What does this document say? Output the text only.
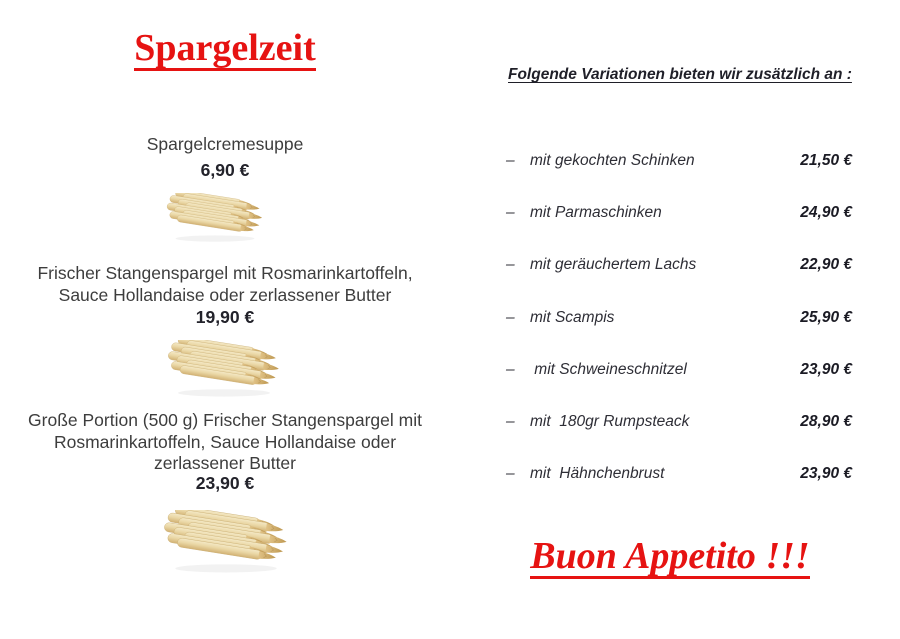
Spargelzeit
Spargelcremesuppe
6,90 €
Frischer Stangenspargel mit Rosmarinkartoffeln,
Sauce Hollandaise oder zerlassener Butter
19,90 €
Große Portion (500 g) Frischer Stangenspargel mit
Rosmarinkartoffeln, Sauce Hollandaise oder
zerlassener Butter
23,90 €
Folgende Variationen bieten wir zusätzlich an :
– mit gekochten Schinken	21,50 €
– mit Parmaschinken	24,90 €
– mit geräuchertem Lachs	22,90 €
– mit Scampis	25,90 €
– mit Schweineschnitzel	23,90 €
– mit  180gr Rumpsteack	28,90 €
– mit  Hähnchenbrust	23,90 €
Buon Appetito !!!
